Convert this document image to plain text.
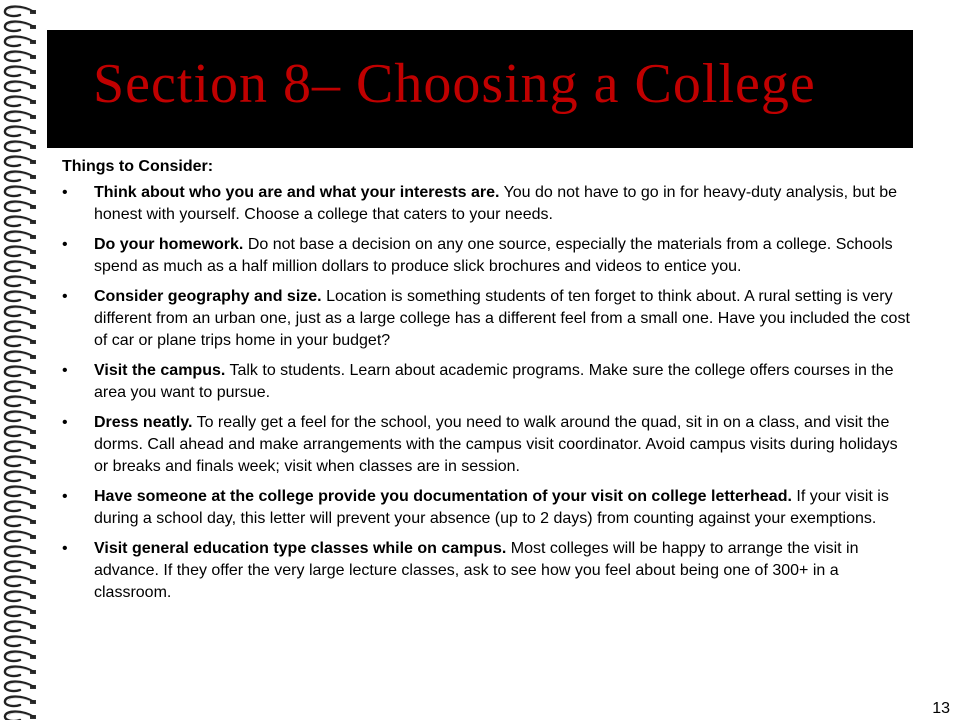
Section 8– Choosing a College
Things to Consider:
• Think about who you are and what your interests are. You do not have to go in for heavy-duty analysis, but be honest with yourself. Choose a college that caters to your needs.
• Do your homework. Do not base a decision on any one source, especially the materials from a college. Schools spend as much as a half million dollars to produce slick brochures and videos to entice you.
• Consider geography and size. Location is something students of ten forget to think about. A rural setting is very different from an urban one, just as a large college has a different feel from a small one. Have you included the cost of car or plane trips home in your budget?
• Visit the campus. Talk to students. Learn about academic programs. Make sure the college offers courses in the area you want to pursue.
• Dress neatly. To really get a feel for the school, you need to walk around the quad, sit in on a class, and visit the dorms. Call ahead and make arrangements with the campus visit coordinator. Avoid campus visits during holidays or breaks and finals week; visit when classes are in session.
• Have someone at the college provide you documentation of your visit on college letterhead. If your visit is during a school day, this letter will prevent your absence (up to 2 days) from counting against your exemptions.
• Visit general education type classes while on campus. Most colleges will be happy to arrange the visit in advance. If they offer the very large lecture classes, ask to see how you feel about being one of 300+ in a classroom.
13
